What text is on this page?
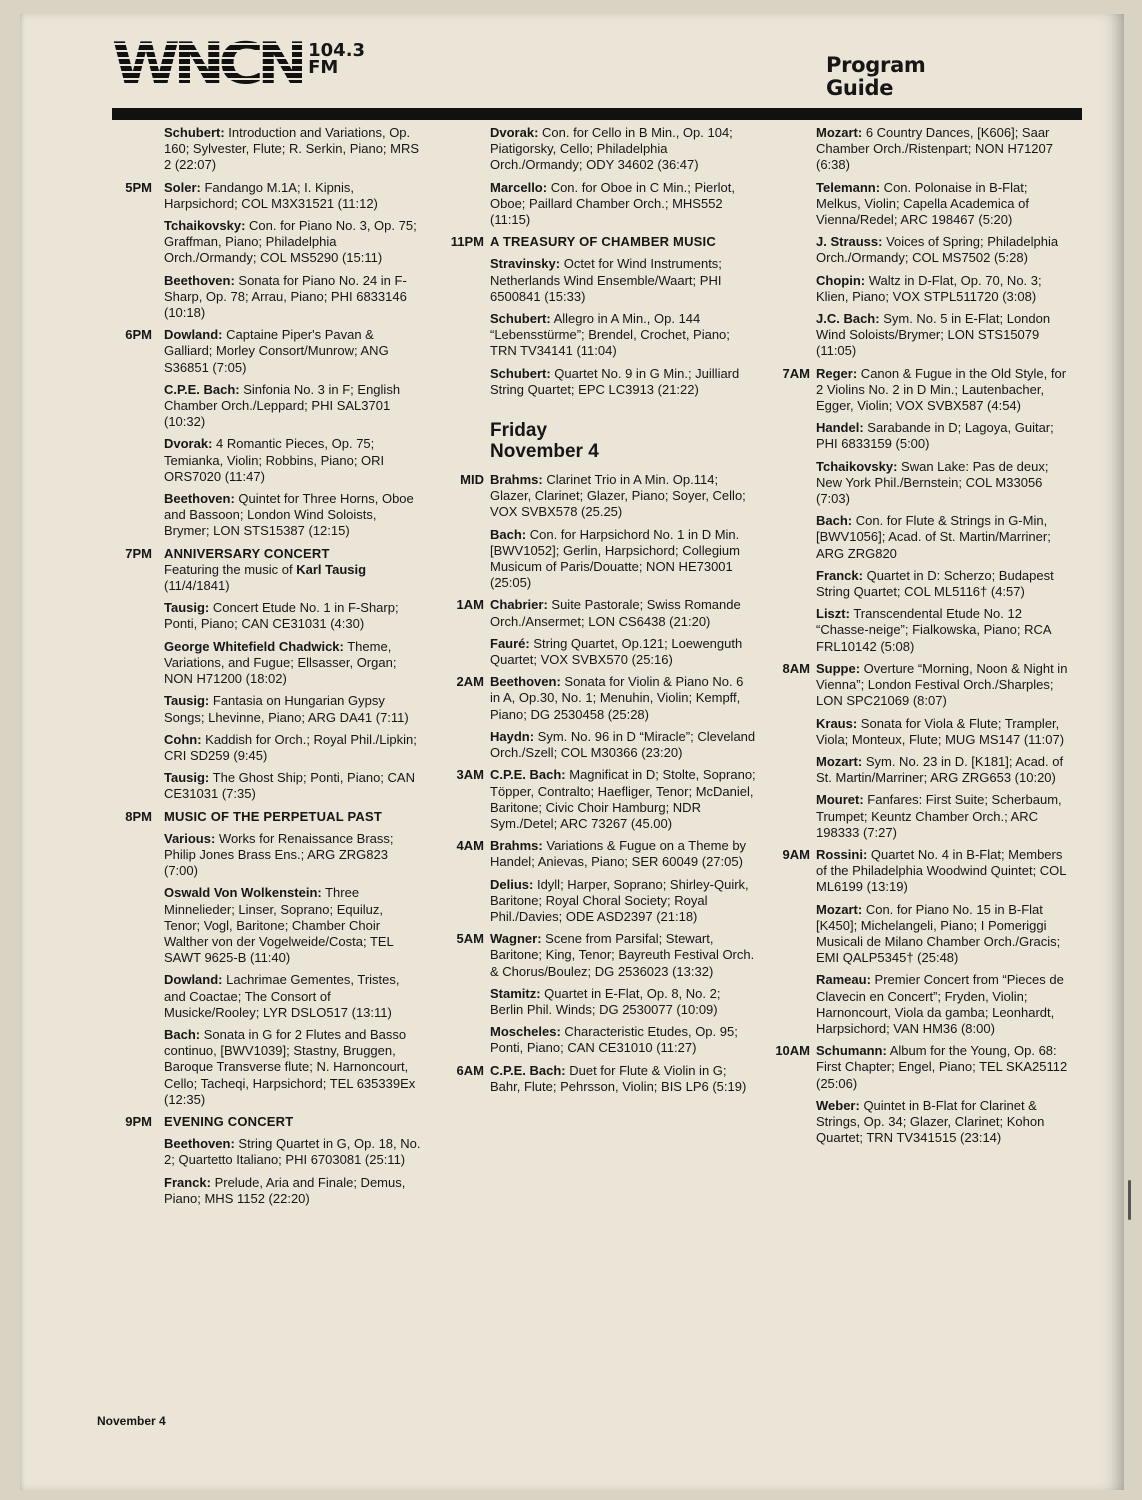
WNCN 104.3
FM	Program
Guide
Schubert: Introduction and Variations, Op. 160; Sylvester, Flute; R. Serkin, Piano; MRS 2 (22:07)
5PM Soler: Fandango M.1A; I. Kipnis, Harpsichord; COL M3X31521 (11:12)
Tchaikovsky: Con. for Piano No. 3, Op. 75; Graffman, Piano; Philadelphia Orch./Ormandy; COL MS5290 (15:11)
Beethoven: Sonata for Piano No. 24 in F-Sharp, Op. 78; Arrau, Piano; PHI 6833146 (10:18)
6PM Dowland: Captaine Piper's Pavan & Galliard; Morley Consort/Munrow; ANG S36851 (7:05)
C.P.E. Bach: Sinfonia No. 3 in F; English Chamber Orch./Leppard; PHI SAL3701 (10:32)
Dvorak: 4 Romantic Pieces, Op. 75; Temianka, Violin; Robbins, Piano; ORI ORS7020 (11:47)
Beethoven: Quintet for Three Horns, Oboe and Bassoon; London Wind Soloists, Brymer; LON STS15387 (12:15)
7PM ANNIVERSARY CONCERT
Featuring the music of Karl Tausig (11/4/1841)
Tausig: Concert Etude No. 1 in F-Sharp; Ponti, Piano; CAN CE31031 (4:30)
George Whitefield Chadwick: Theme, Variations, and Fugue; Ellsasser, Organ; NON H71200 (18:02)
Tausig: Fantasia on Hungarian Gypsy Songs; Lhevinne, Piano; ARG DA41 (7:11)
Cohn: Kaddish for Orch.; Royal Phil./Lipkin; CRI SD259 (9:45)
Tausig: The Ghost Ship; Ponti, Piano; CAN CE31031 (7:35)
8PM MUSIC OF THE PERPETUAL PAST
Various: Works for Renaissance Brass; Philip Jones Brass Ens.; ARG ZRG823 (7:00)
Oswald Von Wolkenstein: Three Minnelieder; Linser, Soprano; Equiluz, Tenor; Vogl, Baritone; Chamber Choir Walther von der Vogelweide/Costa; TEL SAWT 9625-B (11:40)
Dowland: Lachrimae Gementes, Tristes, and Coactae; The Consort of Musicke/Rooley; LYR DSLO517 (13:11)
Bach: Sonata in G for 2 Flutes and Basso continuo, [BWV1039]; Stastny, Bruggen, Baroque Transverse flute; N. Harnoncourt, Cello; Tacheqi, Harpsichord; TEL 635339Ex (12:35)
9PM EVENING CONCERT
Beethoven: String Quartet in G, Op. 18, No. 2; Quartetto Italiano; PHI 6703081 (25:11)
Franck: Prelude, Aria and Finale; Demus, Piano; MHS 1152 (22:20)
Dvorak: Con. for Cello in B Min., Op. 104; Piatigorsky, Cello; Philadelphia Orch./Ormandy; ODY 34602 (36:47)
Marcello: Con. for Oboe in C Min.; Pierlot, Oboe; Paillard Chamber Orch.; MHS552 (11:15)
11PM A TREASURY OF CHAMBER MUSIC
Stravinsky: Octet for Wind Instruments; Netherlands Wind Ensemble/Waart; PHI 6500841 (15:33)
Schubert: Allegro in A Min., Op. 144 “Lebensstürme”; Brendel, Crochet, Piano; TRN TV34141 (11:04)
Schubert: Quartet No. 9 in G Min.; Juilliard String Quartet; EPC LC3913 (21:22)
Friday
November 4
MID Brahms: Clarinet Trio in A Min. Op.114; Glazer, Clarinet; Glazer, Piano; Soyer, Cello; VOX SVBX578 (25.25)
Bach: Con. for Harpsichord No. 1 in D Min. [BWV1052]; Gerlin, Harpsichord; Collegium Musicum of Paris/Douatte; NON HE73001 (25:05)
1AM Chabrier: Suite Pastorale; Swiss Romande Orch./Ansermet; LON CS6438 (21:20)
Fauré: String Quartet, Op.121; Loewenguth Quartet; VOX SVBX570 (25:16)
2AM Beethoven: Sonata for Violin & Piano No. 6 in A, Op.30, No. 1; Menuhin, Violin; Kempff, Piano; DG 2530458 (25:28)
Haydn: Sym. No. 96 in D “Miracle”; Cleveland Orch./Szell; COL M30366 (23:20)
3AM C.P.E. Bach: Magnificat in D; Stolte, Soprano; Töpper, Contralto; Haefliger, Tenor; McDaniel, Baritone; Civic Choir Hamburg; NDR Sym./Detel; ARC 73267 (45.00)
4AM Brahms: Variations & Fugue on a Theme by Handel; Anievas, Piano; SER 60049 (27:05)
Delius: Idyll; Harper, Soprano; Shirley-Quirk, Baritone; Royal Choral Society; Royal Phil./Davies; ODE ASD2397 (21:18)
5AM Wagner: Scene from Parsifal; Stewart, Baritone; King, Tenor; Bayreuth Festival Orch. & Chorus/Boulez; DG 2536023 (13:32)
Stamitz: Quartet in E-Flat, Op. 8, No. 2; Berlin Phil. Winds; DG 2530077 (10:09)
Moscheles: Characteristic Etudes, Op. 95; Ponti, Piano; CAN CE31010 (11:27)
6AM C.P.E. Bach: Duet for Flute & Violin in G; Bahr, Flute; Pehrsson, Violin; BIS LP6 (5:19)
Mozart: 6 Country Dances, [K606]; Saar Chamber Orch./Ristenpart; NON H71207 (6:38)
Telemann: Con. Polonaise in B-Flat; Melkus, Violin; Capella Academica of Vienna/Redel; ARC 198467 (5:20)
J. Strauss: Voices of Spring; Philadelphia Orch./Ormandy; COL MS7502 (5:28)
Chopin: Waltz in D-Flat, Op. 70, No. 3; Klien, Piano; VOX STPL511720 (3:08)
J.C. Bach: Sym. No. 5 in E-Flat; London Wind Soloists/Brymer; LON STS15079 (11:05)
7AM Reger: Canon & Fugue in the Old Style, for 2 Violins No. 2 in D Min.; Lautenbacher, Egger, Violin; VOX SVBX587 (4:54)
Handel: Sarabande in D; Lagoya, Guitar; PHI 6833159 (5:00)
Tchaikovsky: Swan Lake: Pas de deux; New York Phil./Bernstein; COL M33056 (7:03)
Bach: Con. for Flute & Strings in G-Min, [BWV1056]; Acad. of St. Martin/Marriner; ARG ZRG820
Franck: Quartet in D: Scherzo; Budapest String Quartet; COL ML5116† (4:57)
Liszt: Transcendental Etude No. 12 “Chasse-neige”; Fialkowska, Piano; RCA FRL10142 (5:08)
8AM Suppe: Overture “Morning, Noon & Night in Vienna”; London Festival Orch./Sharples; LON SPC21069 (8:07)
Kraus: Sonata for Viola & Flute; Trampler, Viola; Monteux, Flute; MUG MS147 (11:07)
Mozart: Sym. No. 23 in D. [K181]; Acad. of St. Martin/Marriner; ARG ZRG653 (10:20)
Mouret: Fanfares: First Suite; Scherbaum, Trumpet; Keuntz Chamber Orch.; ARC 198333 (7:27)
9AM Rossini: Quartet No. 4 in B-Flat; Members of the Philadelphia Woodwind Quintet; COL ML6199 (13:19)
Mozart: Con. for Piano No. 15 in B-Flat [K450]; Michelangeli, Piano; I Pomeriggi Musicali de Milano Chamber Orch./Gracis; EMI QALP5345† (25:48)
Rameau: Premier Concert from “Pieces de Clavecin en Concert”; Fryden, Violin; Harnoncourt, Viola da gamba; Leonhardt, Harpsichord; VAN HM36 (8:00)
10AM Schumann: Album for the Young, Op. 68: First Chapter; Engel, Piano; TEL SKA25112 (25:06)
Weber: Quintet in B-Flat for Clarinet & Strings, Op. 34; Glazer, Clarinet; Kohon Quartet; TRN TV341515 (23:14)
November 4
